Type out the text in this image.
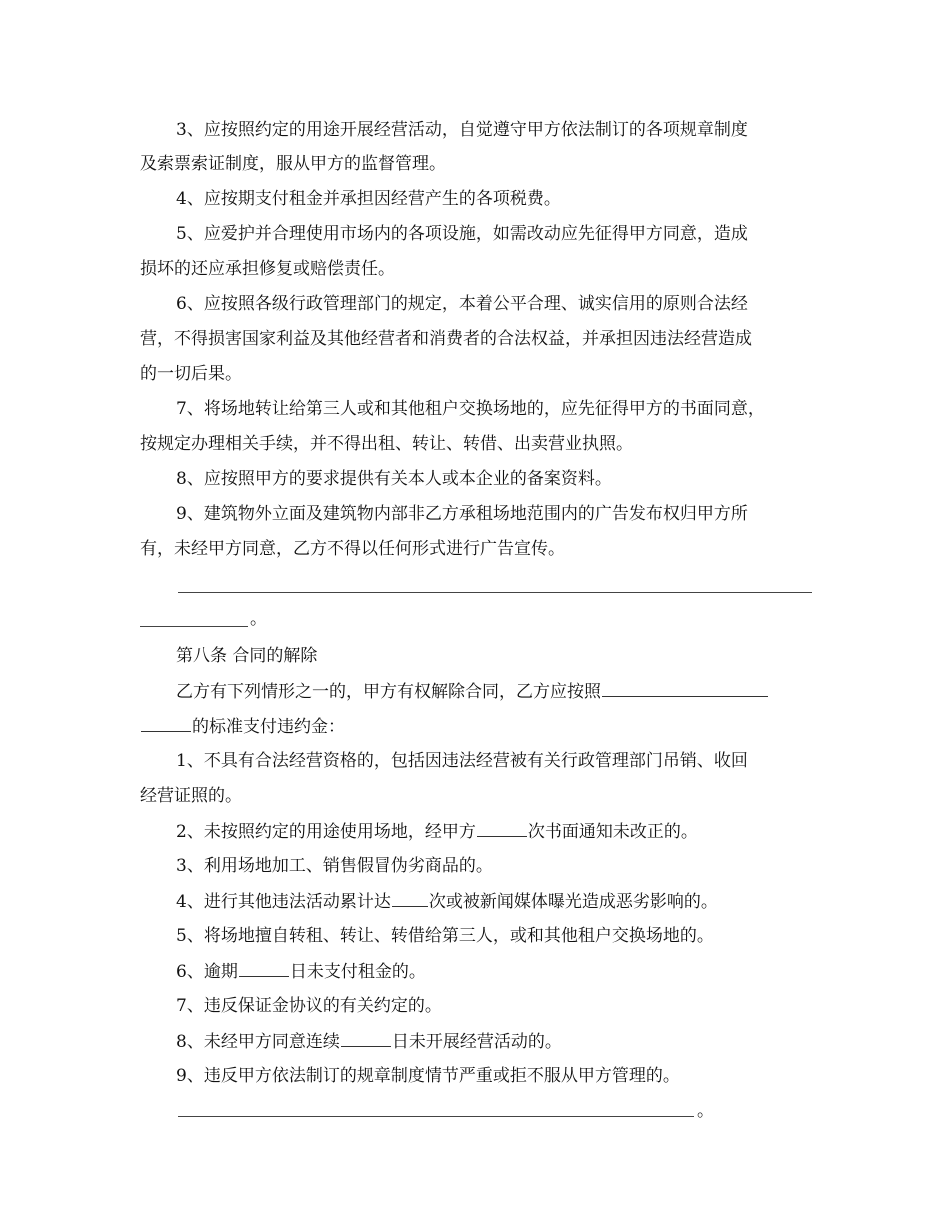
3、应按照约定的用途开展经营活动，自觉遵守甲方依法制订的各项规章制度
及索票索证制度，服从甲方的监督管理。
4、应按期支付租金并承担因经营产生的各项税费。
5、应爱护并合理使用市场内的各项设施，如需改动应先征得甲方同意，造成
损坏的还应承担修复或赔偿责任。
6、应按照各级行政管理部门的规定，本着公平合理、诚实信用的原则合法经
营，不得损害国家利益及其他经营者和消费者的合法权益，并承担因违法经营造成
的一切后果。
7、将场地转让给第三人或和其他租户交换场地的，应先征得甲方的书面同意，
按规定办理相关手续，并不得出租、转让、转借、出卖营业执照。
8、应按照甲方的要求提供有关本人或本企业的备案资料。
9、建筑物外立面及建筑物内部非乙方承租场地范围内的广告发布权归甲方所
有，未经甲方同意，乙方不得以任何形式进行广告宣传。
。
第八条 合同的解除
乙方有下列情形之一的，甲方有权解除合同，乙方应按照
的标准支付违约金：
1、不具有合法经营资格的，包括因违法经营被有关行政管理部门吊销、收回
经营证照的。
2、未按照约定的用途使用场地，经甲方	次书面通知未改正的。
3、利用场地加工、销售假冒伪劣商品的。
4、进行其他违法活动累计达 次或被新闻媒体曝光造成恶劣影响的。
5、将场地擅自转租、转让、转借给第三人，或和其他租户交换场地的。
6、逾期	日未支付租金的。
7、违反保证金协议的有关约定的。
8、未经甲方同意连续	日未开展经营活动的。
9、违反甲方依法制订的规章制度情节严重或拒不服从甲方管理的。
。
